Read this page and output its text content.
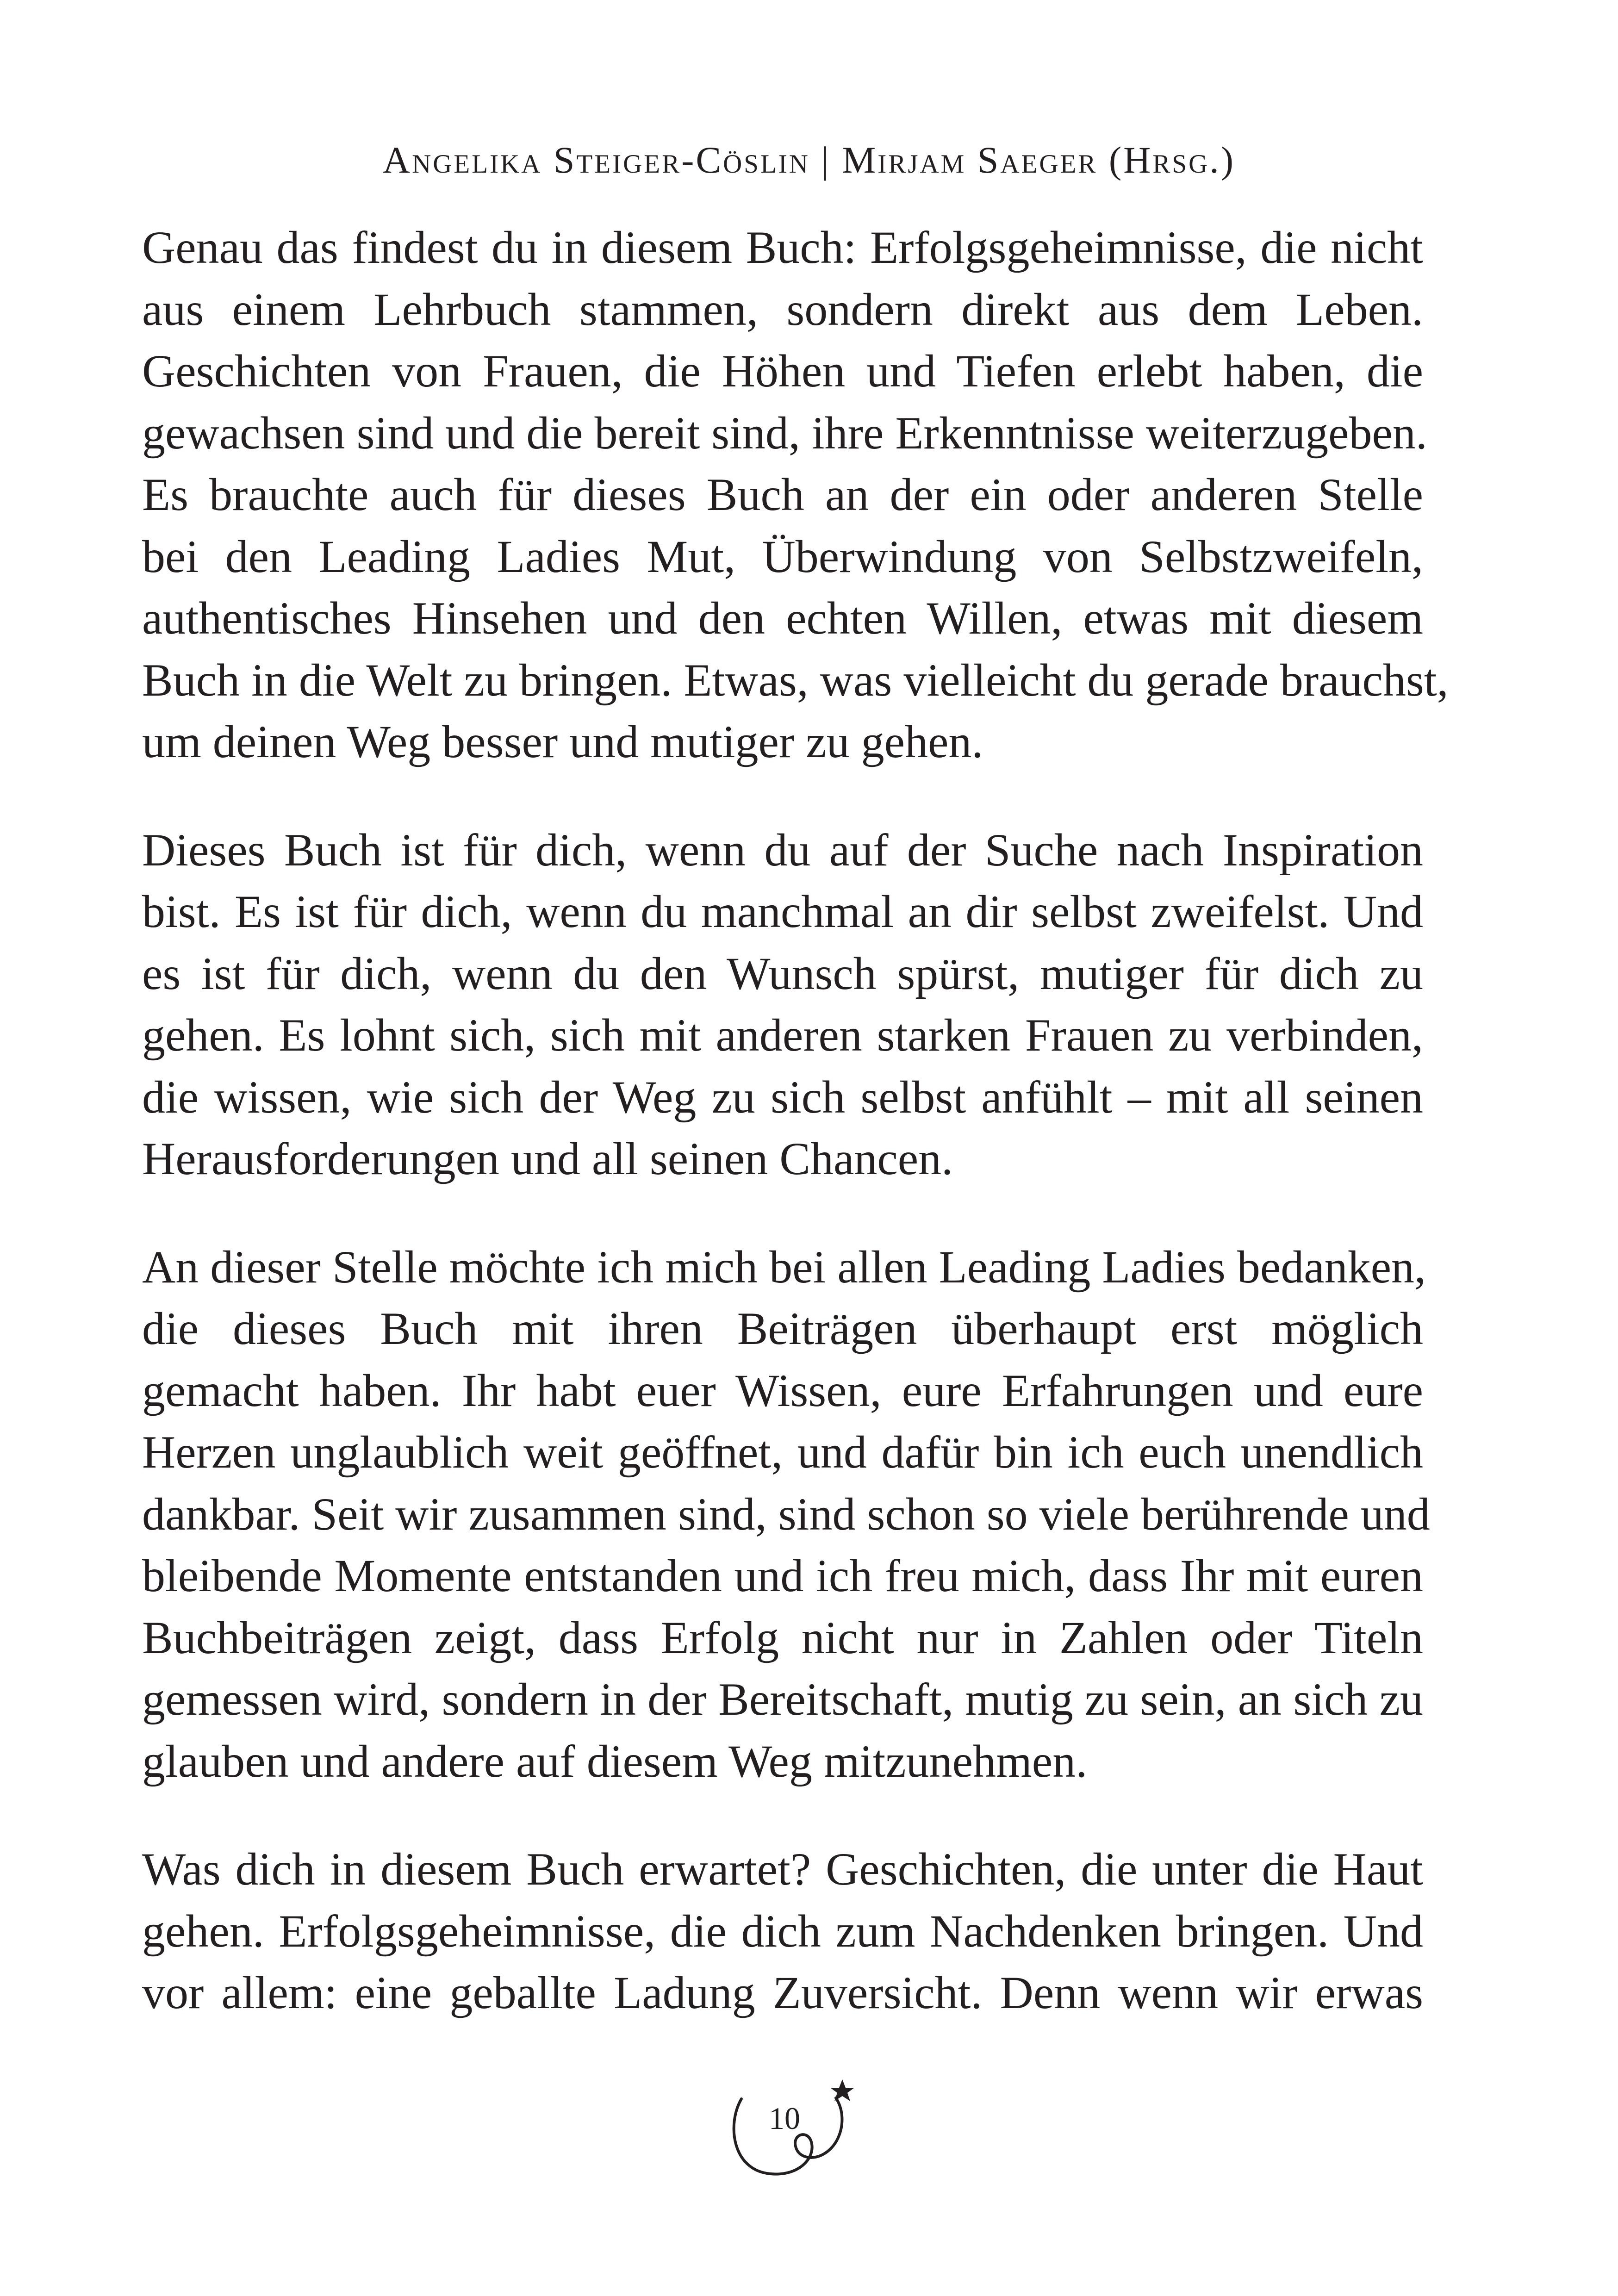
Angelika Steiger-Cöslin | Mirjam Saeger (Hrsg.)

Genau das findest du in diesem Buch: Erfolgsgeheimnisse, die nicht
aus einem Lehrbuch stammen, sondern direkt aus dem Leben.
Geschichten von Frauen, die Höhen und Tiefen erlebt haben, die
gewachsen sind und die bereit sind, ihre Erkenntnisse weiterzugeben.
Es brauchte auch für dieses Buch an der ein oder anderen Stelle
bei den Leading Ladies Mut, Überwindung von Selbstzweifeln,
authentisches Hinsehen und den echten Willen, etwas mit diesem
Buch in die Welt zu bringen. Etwas, was vielleicht du gerade brauchst,
um deinen Weg besser und mutiger zu gehen.

Dieses Buch ist für dich, wenn du auf der Suche nach Inspiration
bist. Es ist für dich, wenn du manchmal an dir selbst zweifelst. Und
es ist für dich, wenn du den Wunsch spürst, mutiger für dich zu
gehen. Es lohnt sich, sich mit anderen starken Frauen zu verbinden,
die wissen, wie sich der Weg zu sich selbst anfühlt – mit all seinen
Herausforderungen und all seinen Chancen.

An dieser Stelle möchte ich mich bei allen Leading Ladies bedanken,
die dieses Buch mit ihren Beiträgen überhaupt erst möglich
gemacht haben. Ihr habt euer Wissen, eure Erfahrungen und eure
Herzen unglaublich weit geöffnet, und dafür bin ich euch unendlich
dankbar. Seit wir zusammen sind, sind schon so viele berührende und
bleibende Momente entstanden und ich freu mich, dass Ihr mit euren
Buchbeiträgen zeigt, dass Erfolg nicht nur in Zahlen oder Titeln
gemessen wird, sondern in der Bereitschaft, mutig zu sein, an sich zu
glauben und andere auf diesem Weg mitzunehmen.

Was dich in diesem Buch erwartet? Geschichten, die unter die Haut
gehen. Erfolgsgeheimnisse, die dich zum Nachdenken bringen. Und
vor allem: eine geballte Ladung Zuversicht. Denn wenn wir erwas

10
